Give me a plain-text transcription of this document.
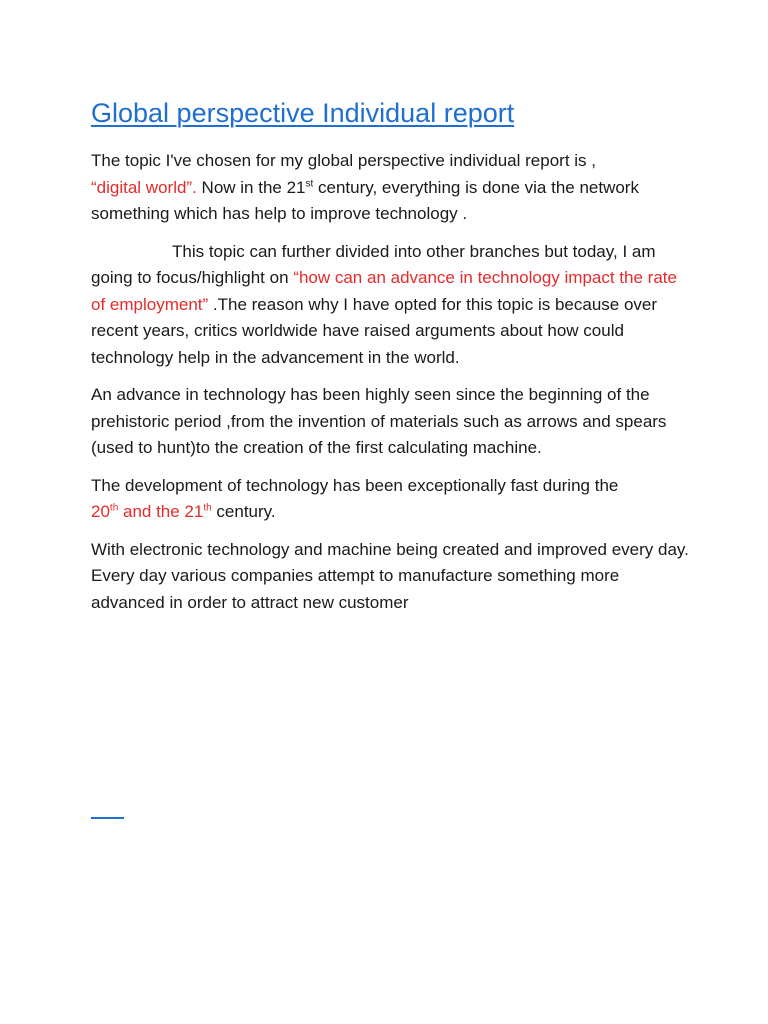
Global perspective Individual report

The topic I've chosen for my global perspective individual report is ,
“digital world”. Now in the 21st century, everything is done via the network something which has help to improve technology .

This topic can further divided into other branches but today, I am going to focus/highlight on “how can an advance in technology impact the rate of employment” .The reason why I have opted for this topic is because over recent years, critics worldwide have raised arguments about how could technology help in the advancement in the world.

An advance in technology has been highly seen since the beginning of the prehistoric period ,from the invention of materials such as arrows and spears (used to hunt)to the creation of the first calculating machine.

The development of technology has been exceptionally fast during the
20th and the 21th century.

With electronic technology and machine being created and improved every day. Every day various companies attempt to manufacture something more advanced in order to attract new customer
